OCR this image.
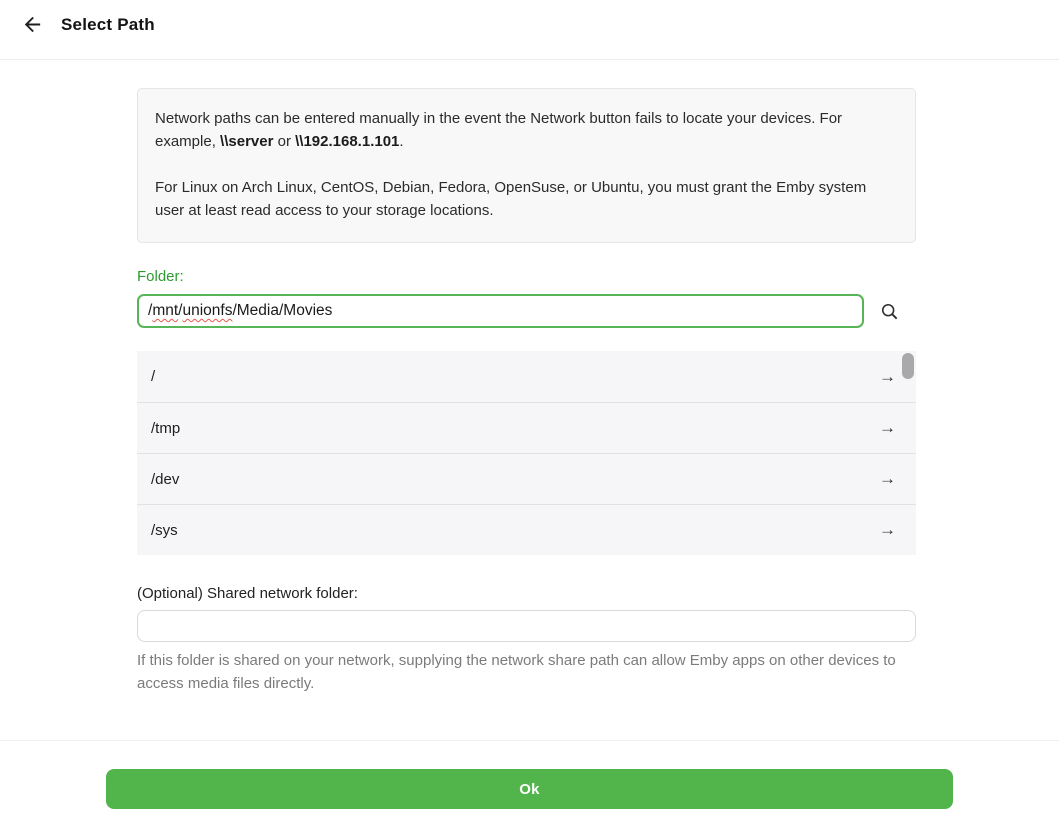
Select Path

Network paths can be entered manually in the event the Network button fails to locate your devices. For example, \\server or \\192.168.1.101.

For Linux on Arch Linux, CentOS, Debian, Fedora, OpenSuse, or Ubuntu, you must grant the Emby system user at least read access to your storage locations.

Folder:
/mnt/unionfs/Media/Movies
/	→
/tmp	→
/dev	→
/sys	→
(Optional) Shared network folder:
If this folder is shared on your network, supplying the network share path can allow Emby apps on other devices to access media files directly.
Ok
